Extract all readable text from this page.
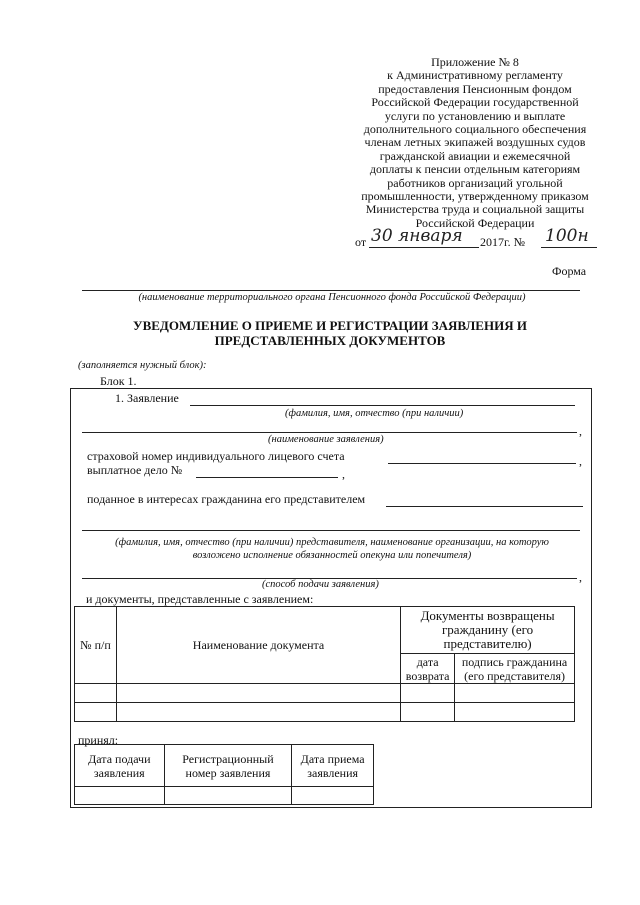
Приложение № 8
к Административному регламенту
предоставления Пенсионным фондом
Российской Федерации государственной
услуги по установлению и выплате
дополнительного социального обеспечения
членам летных экипажей воздушных судов
гражданской авиации и ежемесячной
доплаты к пенсии отдельным категориям
работников организаций угольной
промышленности, утвержденному приказом
Министерства труда и социальной защиты
Российской Федерации
от 30 января 2017г. № 100н
Форма
(наименование территориального органа Пенсионного фонда Российской Федерации)
УВЕДОМЛЕНИЕ О ПРИЕМЕ И РЕГИСТРАЦИИ ЗАЯВЛЕНИЯ И
ПРЕДСТАВЛЕННЫХ ДОКУМЕНТОВ
(заполняется нужный блок):
Блок 1.
1. Заявление
(фамилия, имя, отчество (при наличии)
,
(наименование заявления)
страховой номер индивидуального лицевого счета	,
выплатное дело №	,
поданное в интересах гражданина его представителем
(фамилия, имя, отчество (при наличии) представителя, наименование организации, на которую
возложено исполнение обязанностей опекуна или попечителя)
,
(способ подачи заявления)
и документы, представленные с заявлением:
№ п/п	Наименование документа	Документы возвращены гражданину (его представителю)	
		дата возврата	подпись гражданина (его представителя)

принял:
Дата подачи заявления	Регистрационный номер заявления	Дата приема заявления
